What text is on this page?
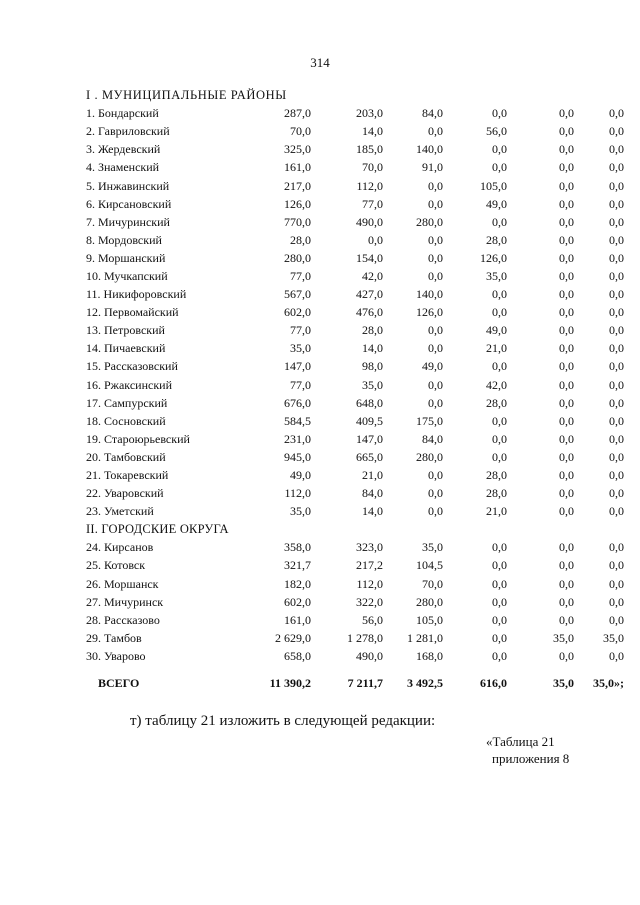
314
I . МУНИЦИПАЛЬНЫЕ РАЙОНЫ						
1. Бондарский	287,0	203,0	84,0	0,0	0,0	0,0
2. Гавриловский	70,0	14,0	0,0	56,0	0,0	0,0
3. Жердевский	325,0	185,0	140,0	0,0	0,0	0,0
4. Знаменский	161,0	70,0	91,0	0,0	0,0	0,0
5. Инжавинский	217,0	112,0	0,0	105,0	0,0	0,0
6. Кирсановский	126,0	77,0	0,0	49,0	0,0	0,0
7. Мичуринский	770,0	490,0	280,0	0,0	0,0	0,0
8. Мордовский	28,0	0,0	0,0	28,0	0,0	0,0
9. Моршанский	280,0	154,0	0,0	126,0	0,0	0,0
10. Мучкапский	77,0	42,0	0,0	35,0	0,0	0,0
11. Никифоровский	567,0	427,0	140,0	0,0	0,0	0,0
12. Первомайский	602,0	476,0	126,0	0,0	0,0	0,0
13. Петровский	77,0	28,0	0,0	49,0	0,0	0,0
14. Пичаевский	35,0	14,0	0,0	21,0	0,0	0,0
15. Рассказовский	147,0	98,0	49,0	0,0	0,0	0,0
16. Ржаксинский	77,0	35,0	0,0	42,0	0,0	0,0
17. Сампурский	676,0	648,0	0,0	28,0	0,0	0,0
18. Сосновский	584,5	409,5	175,0	0,0	0,0	0,0
19. Староюрьевский	231,0	147,0	84,0	0,0	0,0	0,0
20. Тамбовский	945,0	665,0	280,0	0,0	0,0	0,0
21. Токаревский	49,0	21,0	0,0	28,0	0,0	0,0
22. Уваровский	112,0	84,0	0,0	28,0	0,0	0,0
23. Уметский	35,0	14,0	0,0	21,0	0,0	0,0
II. ГОРОДСКИЕ ОКРУГА						
24. Кирсанов	358,0	323,0	35,0	0,0	0,0	0,0
25. Котовск	321,7	217,2	104,5	0,0	0,0	0,0
26. Моршанск	182,0	112,0	70,0	0,0	0,0	0,0
27. Мичуринск	602,0	322,0	280,0	0,0	0,0	0,0
28. Рассказово	161,0	56,0	105,0	0,0	0,0	0,0
29. Тамбов	2 629,0	1 278,0	1 281,0	0,0	35,0	35,0
30. Уварово	658,0	490,0	168,0	0,0	0,0	0,0

ВСЕГО	11 390,2	7 211,7	3 492,5	616,0	35,0	35,0»;
т) таблицу 21 изложить в следующей редакции:
«Таблица 21
приложения 8
